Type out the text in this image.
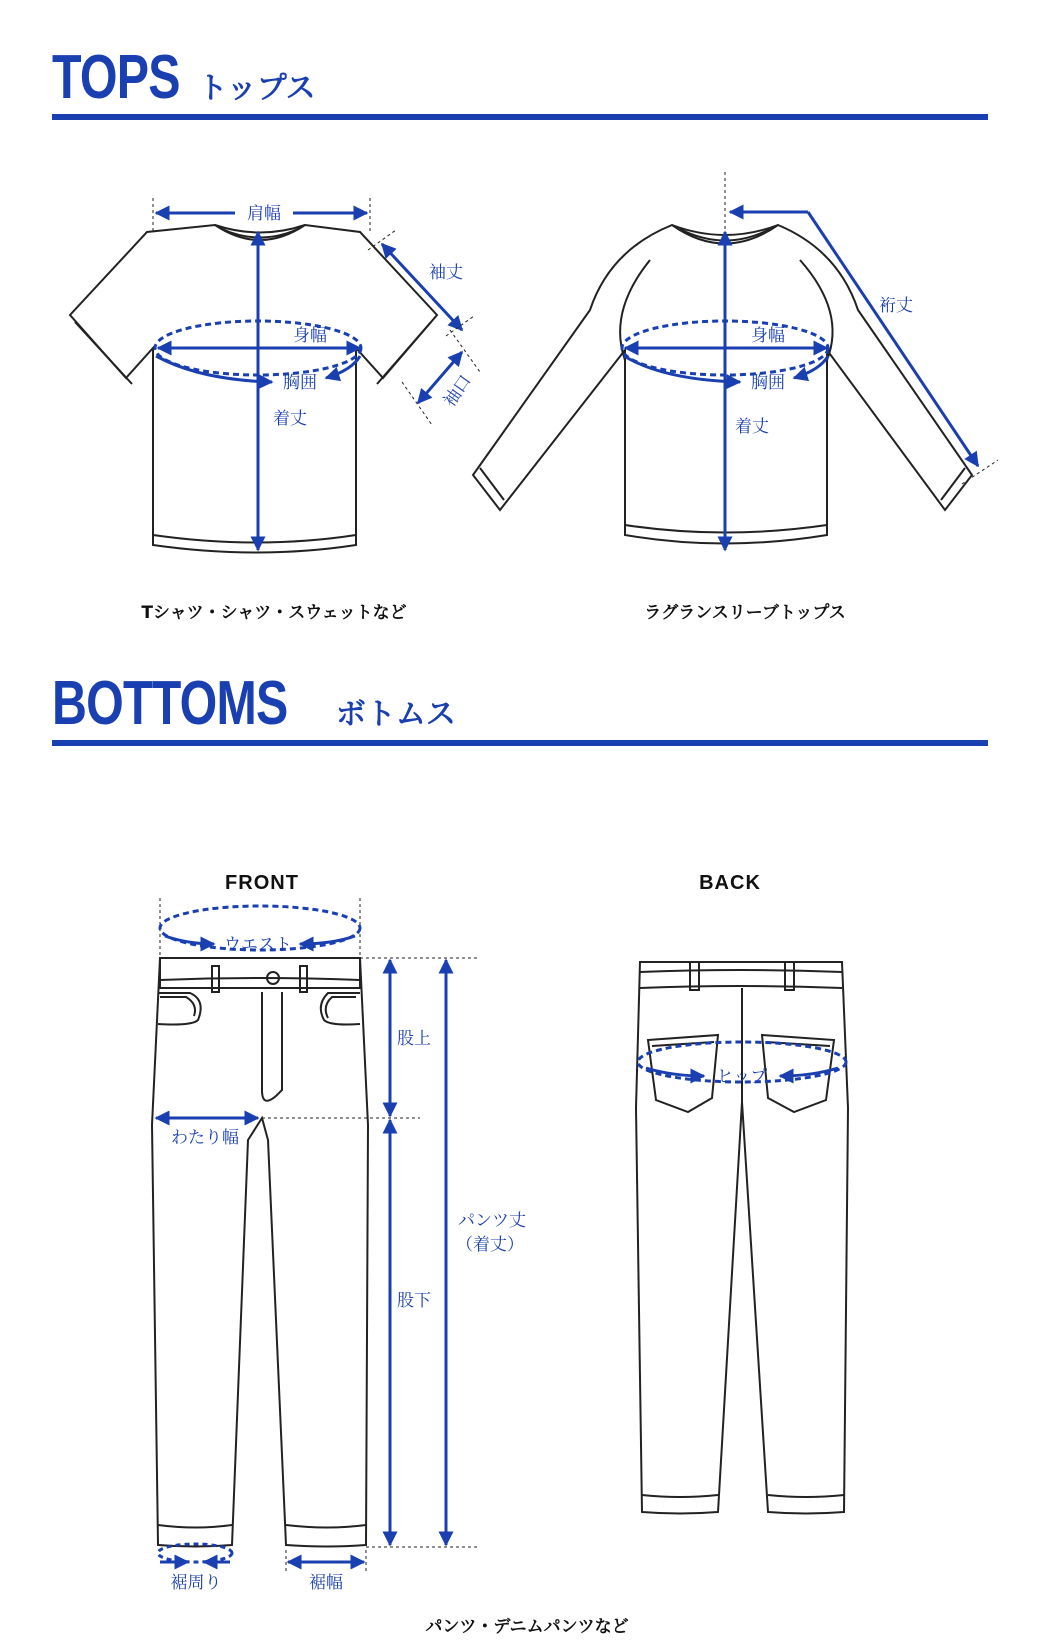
TOPS トップス
BOTTOMS ボトムス
肩幅
袖丈
身幅
胸囲	袖口
着丈
裄丈
身幅
胸囲
着丈
ウエスト
股上
股下
パンツ丈
（着丈）
わたり幅
裾周り	裾幅
ヒップ
Tシャツ・シャツ・スウェットなど	ラグランスリーブトップス
FRONT	BACK
パンツ・デニムパンツなど
